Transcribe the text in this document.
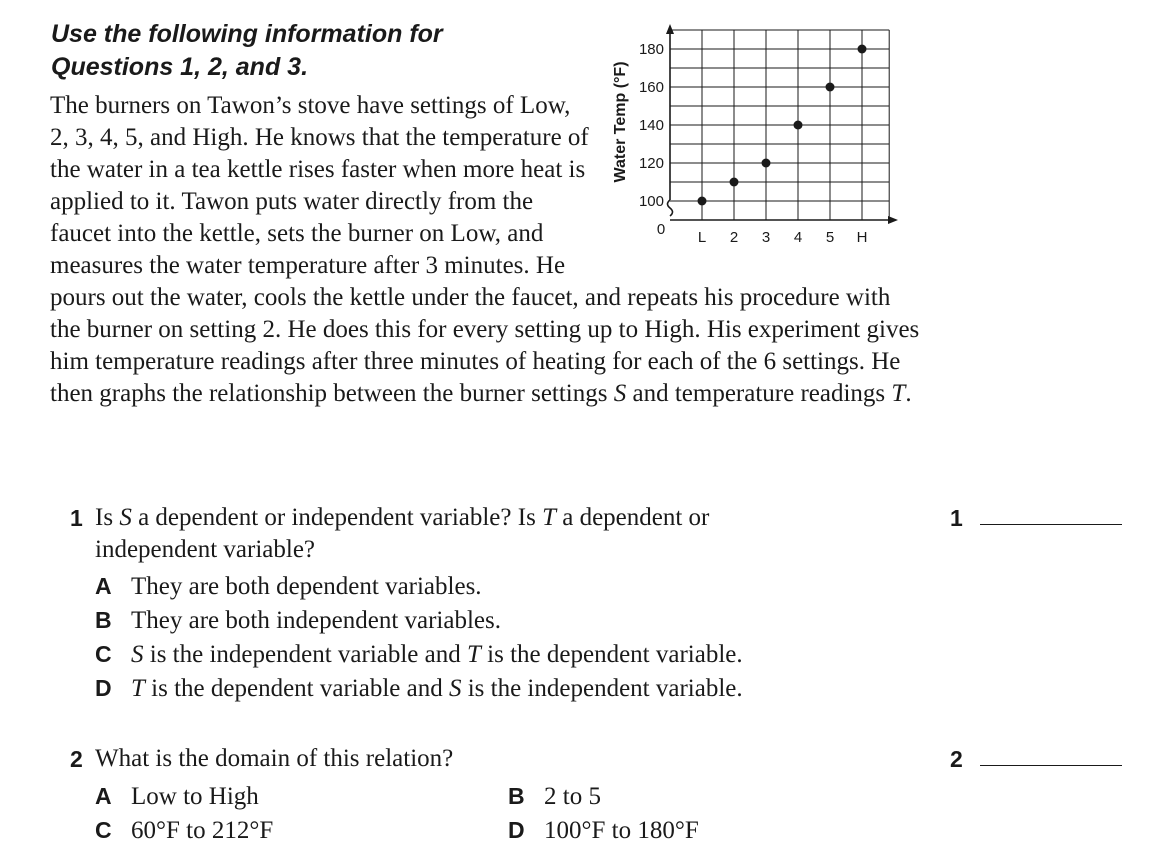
Use the following information for
Questions 1, 2, and 3.

The burners on Tawon’s stove have settings of Low, 2, 3, 4, 5, and High. He knows that the temperature of the water in a tea kettle rises faster when more heat is applied to it. Tawon puts water directly from the faucet into the kettle, sets the burner on Low, and measures the water temperature after 3 minutes. He pours out the water, cools the kettle under the faucet, and repeats his procedure with the burner on setting 2. He does this for every setting up to High. His experiment gives him temperature readings after three minutes of heating for each of the 6 settings. He then graphs the relationship between the burner settings S and temperature readings T.

0
Water Temp (°F)
100
120
140
160
180
L 2 3 4 5 H
1
1 Is S a dependent or independent variable? Is T a dependent or independent variable?
A They are both dependent variables.
B They are both independent variables.
C S is the independent variable and T is the dependent variable.
D T is the dependent variable and S is the independent variable.
2
2 What is the domain of this relation?
A Low to High	B 2 to 5
C 60°F to 212°F	D 100°F to 180°F
